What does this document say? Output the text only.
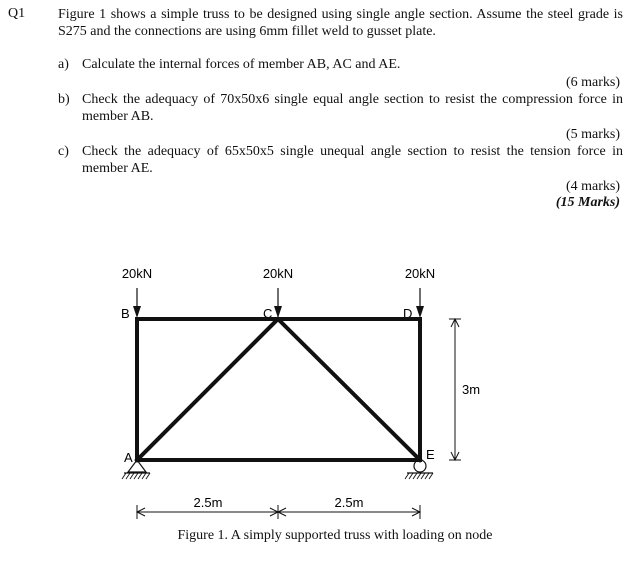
Q1 Figure 1 shows a simple truss to be designed using single angle section. Assume the steel grade is S275 and the connections are using 6mm fillet weld to gusset plate.
a) Calculate the internal forces of member AB, AC and AE.
(6 marks)
b) Check the adequacy of 70x50x6 single equal angle section to resist the compression force in member AB.
(5 marks)
c) Check the adequacy of 65x50x5 single unequal angle section to resist the tension force in member AE.
(4 marks)
(15 Marks)
20kN	20kN	20kN
B	C	D
A	E
3m
2.5m	2.5m
Figure 1. A simply supported truss with loading on node
